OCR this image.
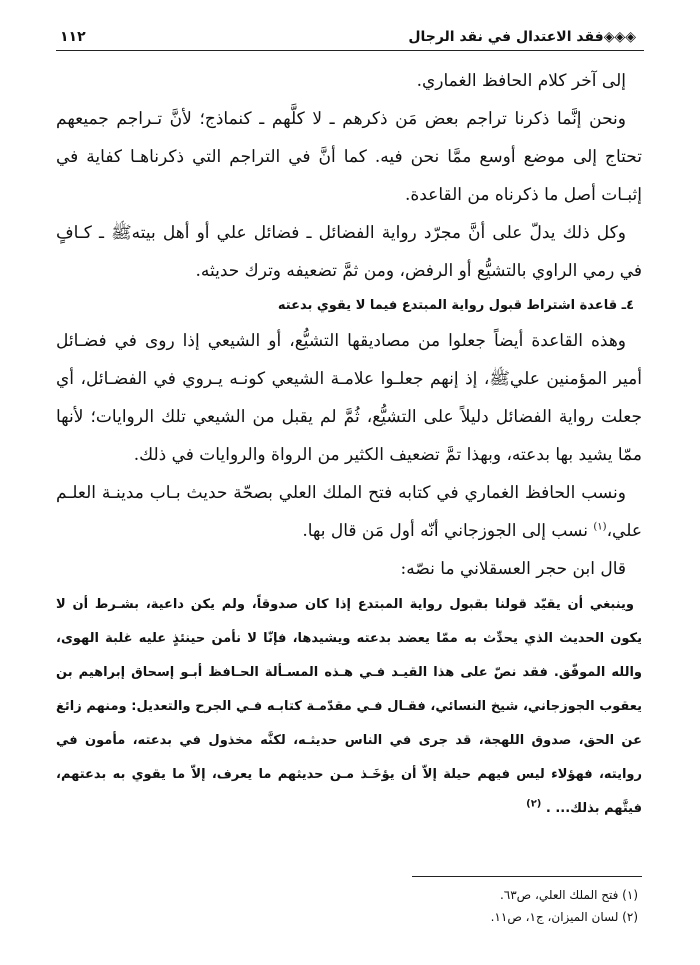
◈◈◈فقد الاعتدال في نقد الرجال
١١٢

إلى آخر كلام الحافظ الغماري.

ونحن إنَّما ذكرنا تراجم بعض مَن ذكرهم ـ لا كلَّهم ـ كنماذج؛ لأنَّ تـراجم جميعهم تحتاج إلى موضع أوسع ممَّا نحن فيه. كما أنَّ في التراجم التي ذكرناهـا كفاية في إثبـات أصل ما ذكرناه من القاعدة.

وكل ذلك يدلّ على أنَّ مجرّد رواية الفضائل ـ فضائل علي أو أهل بيتهﷺ ـ كـافٍ في رمي الراوي بالتشيُّع أو الرفض، ومن ثمَّ تضعيفه وترك حديثه.

٤ـ قاعدة اشتراط قبول رواية المبتدع فيما لا يقوي بدعته

وهذه القاعدة أيضاً جعلوا من مصاديقها التشيُّع، أو الشيعي إذا روى في فضـائل أمير المؤمنين عليﷺ، إذ إنهم جعلـوا علامـة الشيعي كونـه يـروي في الفضـائل، أي جعلت رواية الفضائل دليلاً على التشيُّع، ثُمَّ لم يقبل من الشيعي تلك الروايات؛ لأنها ممّا يشيد بها بدعته، وبهذا تمَّ تضعيف الكثير من الرواة والروايات في ذلك.

ونسب الحافظ الغماري في كتابه فتح الملك العلي بصحّة حديث بـاب مدينـة العلـم علي،$^{(١)}$ نسب إلى الجوزجاني أنّه أول مَن قال بها.

قال ابن حجر العسقلاني ما نصّه:

وينبغي أن يقيّد قولنا بقبول رواية المبتدع إذا كان صدوقاً، ولم يكن داعية، بشـرط أن لا يكون الحديث الذي يحدِّث به ممّا يعضد بدعته ويشيدها، فإنّا لا نأمن حينئذٍ عليه غلبة الهوى، والله الموفّق. فقد نصّ على هذا القيـد فـي هـذه المسـألة الحـافظ أبـو إسحاق إبراهيم بن يعقوب الجوزجاني، شيخ النسائي، فقـال فـي مقدّمـة كتابـه فـي الجرح والتعديل: ومنهم زائغ عن الحق، صدوق اللهجة، قد جرى في الناس حديثـه، لكنَّه مخذول في بدعته، مأمون في روايته، فهؤلاء ليس فيهم حيلة إلاّ أن يؤخَـذ مـن حديثهم ما يعرف، إلاّ ما يقوي به بدعتهم، فيتَّهم بذلك... . $^{(٢)}$

(١) فتح الملك العلي، ص٦٣.
(٢) لسان الميزان، ج١، ص١١.
